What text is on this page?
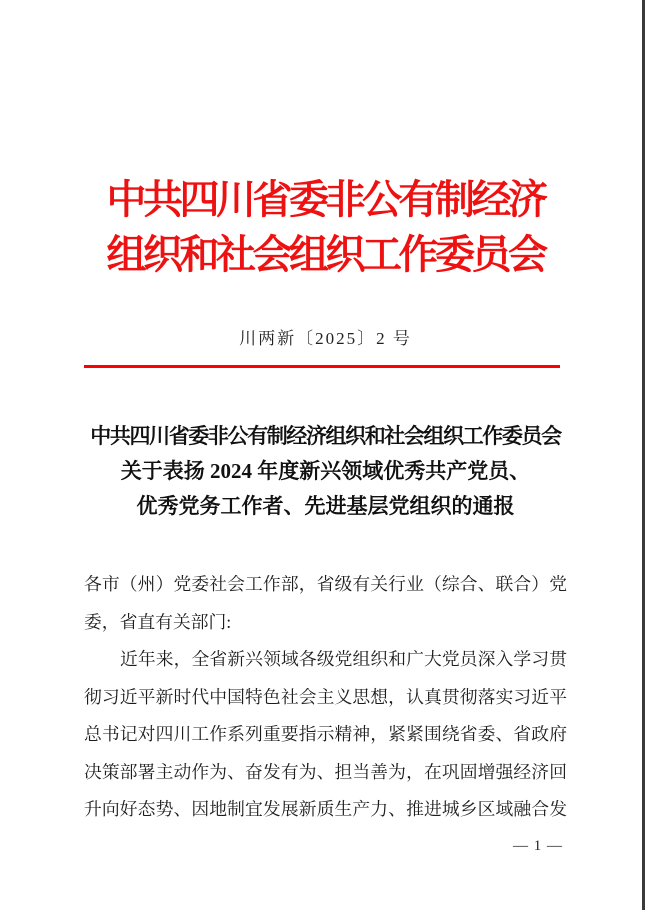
中共四川省委非公有制经济
组织和社会组织工作委员会
川两新〔2025〕2 号
中共四川省委非公有制经济组织和社会组织工作委员会
关于表扬 2024 年度新兴领域优秀共产党员、
优秀党务工作者、先进基层党组织的通报
各市（州）党委社会工作部，省级有关行业（综合、联合）党
委，省直有关部门:
近年来，全省新兴领域各级党组织和广大党员深入学习贯
彻习近平新时代中国特色社会主义思想，认真贯彻落实习近平
总书记对四川工作系列重要指示精神，紧紧围绕省委、省政府
决策部署主动作为、奋发有为、担当善为，在巩固增强经济回
升向好态势、因地制宜发展新质生产力、推进城乡区域融合发
— 1 —
